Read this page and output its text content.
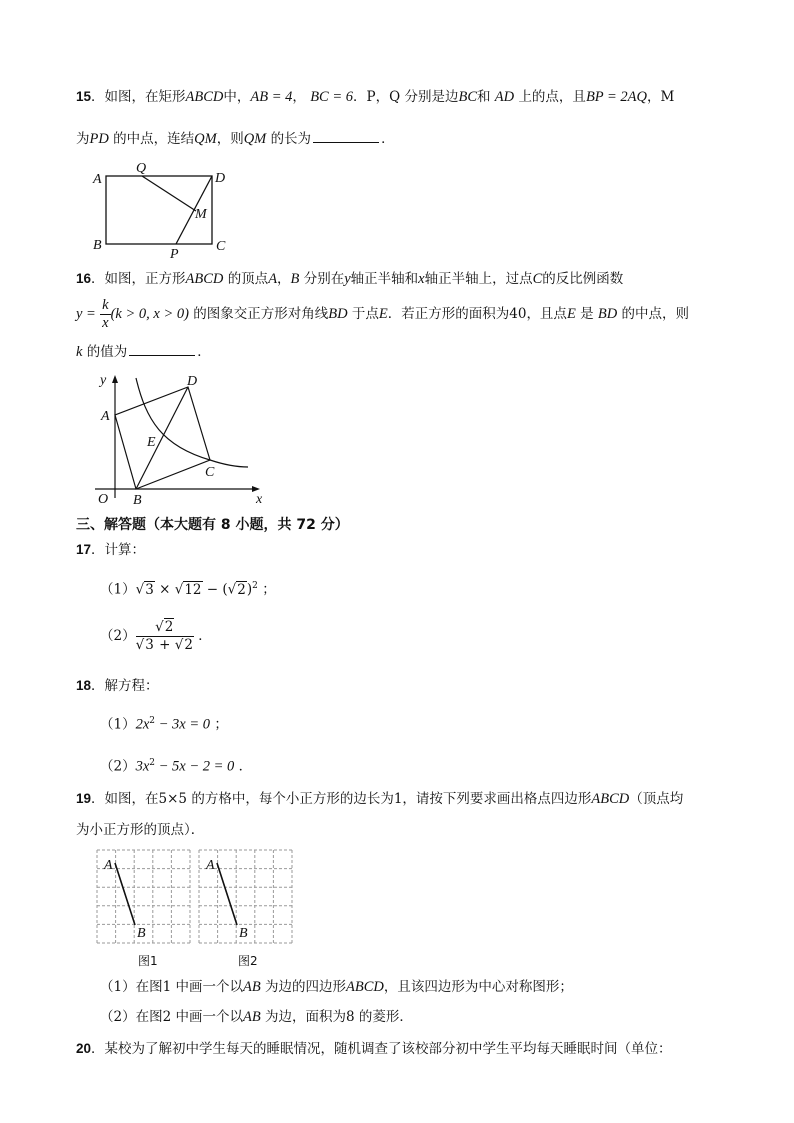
15．如图，在矩形ABCD中，AB = 4， BC = 6．P，Q 分别是边BC和 AD 上的点，且BP = 2AQ，M
为PD 的中点，连结QM，则QM 的长为	．
A
B	C
D
Q
P
M
16．如图，正方形ABCD 的顶点A，B 分别在y轴正半轴和x轴正半轴上，过点C的反比例函数
$y = \frac{k}{x} (k > 0$, x > 0) 的图象交正方形对角线BD 于点E．若正方形的面积为40，且点E 是 BD 的中点，则
k 的值为	．
y
x
O
A
B
C
D
E
三、解答题（本大题有 8 小题，共 72 分）
17．计算：
$(1)√3 \times √12 - (√2)^2$ ；
$(2) \frac{√2}{√3 + √2}$ ．
18．解方程：
$(1)2x^2 - 3x = 0$ ；
$(2)3x^2 - 5x - 2 = 0$ ．
19．如图，在5×5 的方格中，每个小正方形的边长为1，请按下列要求画出格点四边形ABCD（顶点均
为小正方形的顶点）．
A
B
A
B
图1	图2
（1）在图1 中画一个以AB 为边的四边形ABCD，且该四边形为中心对称图形；
（2）在图2 中画一个以AB 为边，面积为8 的菱形．
20．某校为了解初中学生每天的睡眠情况，随机调查了该校部分初中学生平均每天睡眠时间（单位：
